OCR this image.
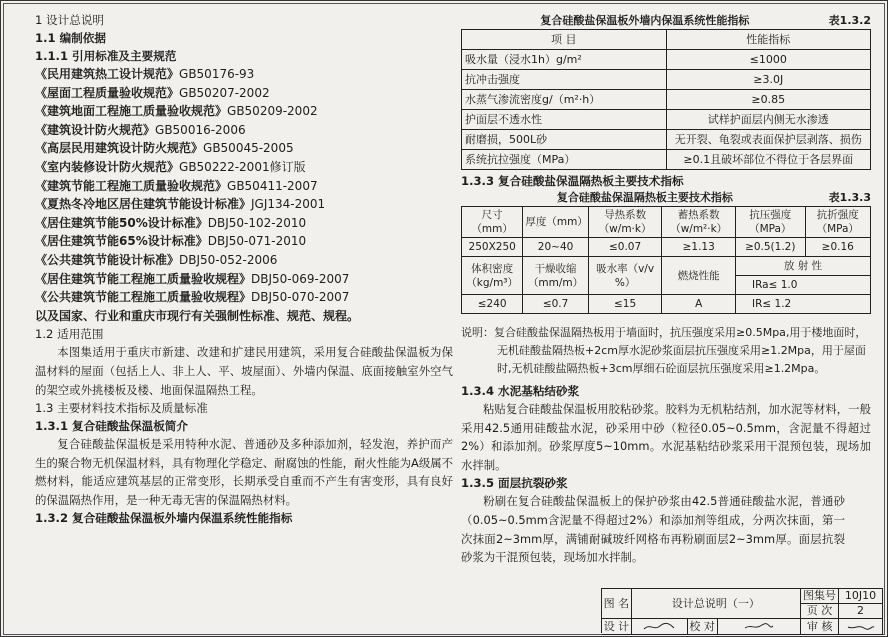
1 设计总说明
1.1 编制依据
1.1.1 引用标准及主要规范
《民用建筑热工设计规范》GB50176-93
《屋面工程质量验收规范》GB50207-2002
《建筑地面工程施工质量验收规范》GB50209-2002
《建筑设计防火规范》GB50016-2006
《高层民用建筑设计防火规范》GB50045-2005
《室内装修设计防火规范》GB50222-2001修订版
《建筑节能工程施工质量验收规范》GB50411-2007
《夏热冬冷地区居住建筑节能设计标准》JGJ134-2001
《居住建筑节能50%设计标准》DBJ50-102-2010
《居住建筑节能65%设计标准》DBJ50-071-2010
《公共建筑节能设计标准》DBJ50-052-2006
《居住建筑节能工程施工质量验收规程》DBJ50-069-2007
《公共建筑节能工程施工质量验收规程》DBJ50-070-2007
以及国家、行业和重庆市现行有关强制性标准、规范、规程。
1.2 适用范围

本图集适用于重庆市新建、改建和扩建民用建筑，采用复合硅酸盐保温板为保温材料的屋面（包括上人、非上人、平、坡屋面）、外墙内保温、底面接触室外空气的架空或外挑楼板及楼、地面保温隔热工程。

1.3 主要材料技术指标及质量标准
1.3.1 复合硅酸盐保温板简介

复合硅酸盐保温板是采用特种水泥、普通砂及多种添加剂，轻发泡，养护而产生的聚合物无机保温材料，具有物理化学稳定、耐腐蚀的性能，耐火性能为A级属不燃材料，能适应建筑基层的正常变形，长期承受自重而不产生有害变形，具有良好的保温隔热作用，是一种无毒无害的保温隔热材料。

1.3.2 复合硅酸盐保温板外墙内保温系统性能指标
复合硅酸盐保温板外墙内保温系统性能指标	表1.3.2
项 目	性能指标
吸水量（浸水1h）g/m²	≤1000
抗冲击强度	≥3.0J
水蒸气渗流密度g/（m²·h）	≥0.85
护面层不透水性	试样护面层内侧无水渗透
耐磨损，500L砂	无开裂、龟裂或表面保护层剥落、损伤
系统抗拉强度（MPa）	≥0.1且破坏部位不得位于各层界面
1.3.3 复合硅酸盐保温隔热板主要技术指标
复合硅酸盐保温隔热板主要技术指标	表1.3.3
尺寸（mm）	厚度（mm）	导热系数（w/m·k）	蓄热系数（w/m²·k）	抗压强度（MPa）	抗折强度（MPa）
250X250	20~40	≤0.07	≥1.13	≥0.5(1.2)	≥0.16
体积密度（kg/m³）	干燥收缩（mm/m）	吸水率（v/v %）	燃烧性能	放 射 性	
				IRa≤ 1.0	
≤240	≤0.7	≤15	A	IR≤ 1.2	

说明：复合硅酸盐保温隔热板用于墙面时，抗压强度采用≥0.5Mpa,用于楼地面时，

无机硅酸盐隔热板+2cm厚水泥砂浆面层抗压强度采用≥1.2Mpa，用于屋面

时,无机硅酸盐隔热板+3cm厚细石砼面层抗压强度采用≥1.2Mpa。

1.3.4 水泥基粘结砂浆

粘贴复合硅酸盐保温板用胶粘砂浆。胶料为无机粘结剂，加水泥等材料，一般采用42.5通用硅酸盐水泥，砂采用中砂（粒径0.05~0.5mm，含泥量不得超过2%）和添加剂。砂浆厚度5~10mm。水泥基粘结砂浆采用干混预包装，现场加水拌制。

1.3.5 面层抗裂砂浆

粉刷在复合硅酸盐保温板上的保护砂浆由42.5普通硅酸盐水泥，普通砂（0.05~0.5mm含泥量不得超过2%）和添加剂等组成，分两次抹面，第一次抹面2~3mm厚，满铺耐碱玻纤网格布再粉刷面层2~3mm厚。面层抗裂砂浆为干混预包装，现场加水拌制。

图 名	设计总说明（一）
图集号 10J10
页 次	2
设 计	校 对	审 核
